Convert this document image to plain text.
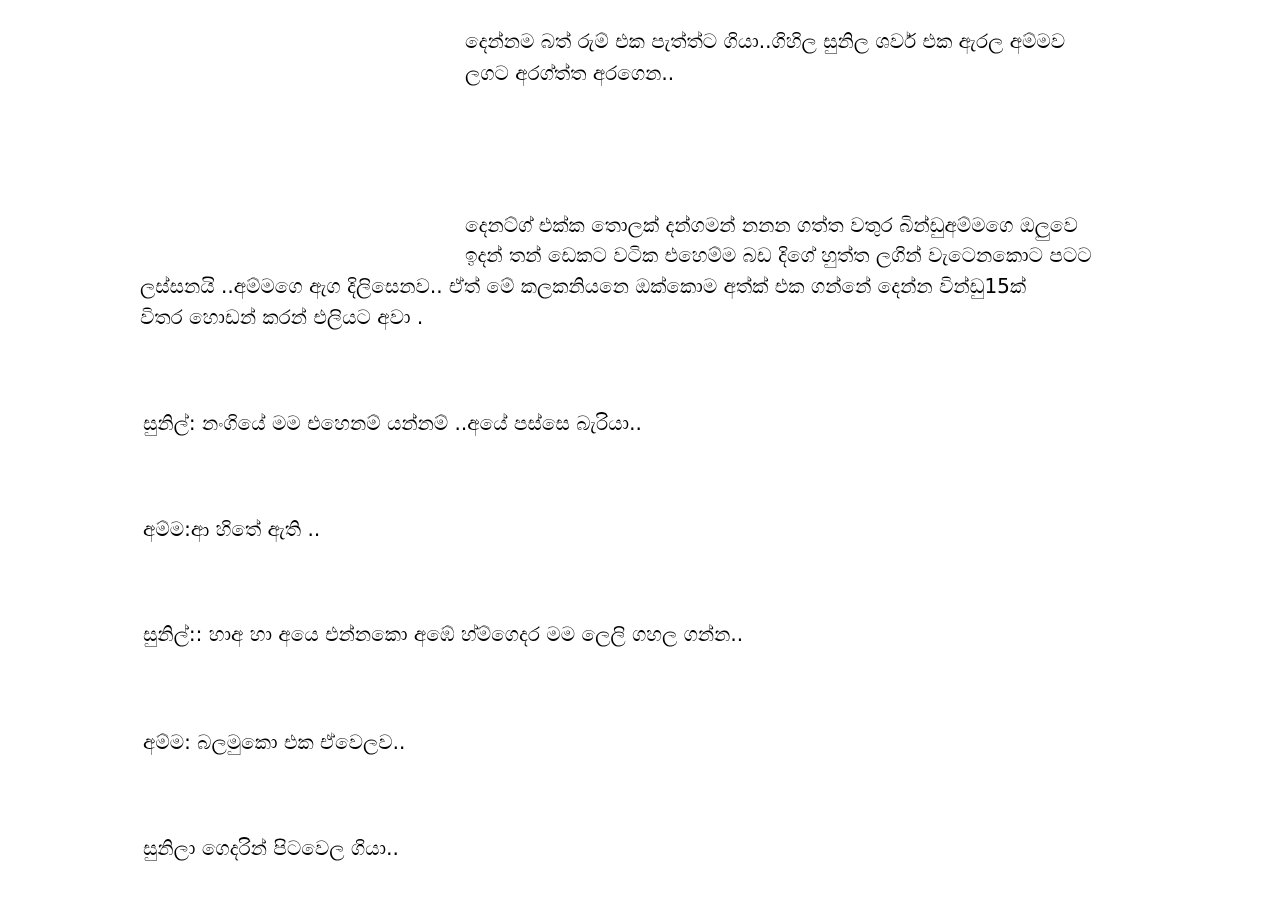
දෙන්නම බත් රුම් එක පැත්ත්ට ගියා..ගිහිල සුනිල ශවර් එක ඇරල අම්මව
ලගට අරග්ත්ත අරගෙන..
දෙනට්ග් එක්ක තොලක් දන්ගමන් නනන ගත්ත වතුර බින්ඩුඅම්මගෙ ඔලුවෙ
ඉදන් තන් ඩෙකට වටික එහෙම්ම බඩ දිගේ හුත්ත ලගින් වැටෙනකොට පටට
ලස්සනයි ..අම්මගෙ ඇග දිලිසෙනව.. ඒත් මේ කලකනියනෙ ඔක්කොම අත්ක් එක ගන්නේ දෙන්න වින්ඩු15ක්
විතර හොඩන් කරන් එලියට අවා .
සුනිල්: නංගියේ මම එහෙනම් යන්නම් ..අයේ පස්සෙ බැරියා..
අම්ම:ආ හිතේ ඇති ..
සුනිල්:: හාඅ හා අයෙ එන්නකො අඹේ හ්ම්ගෙදර මම ලෙලි ගහල ගන්න..
අම්ම: බලමුකො එක ඒවෙලව..
සුනිලා ගෙදරින් පිටවෙල ගියා..
